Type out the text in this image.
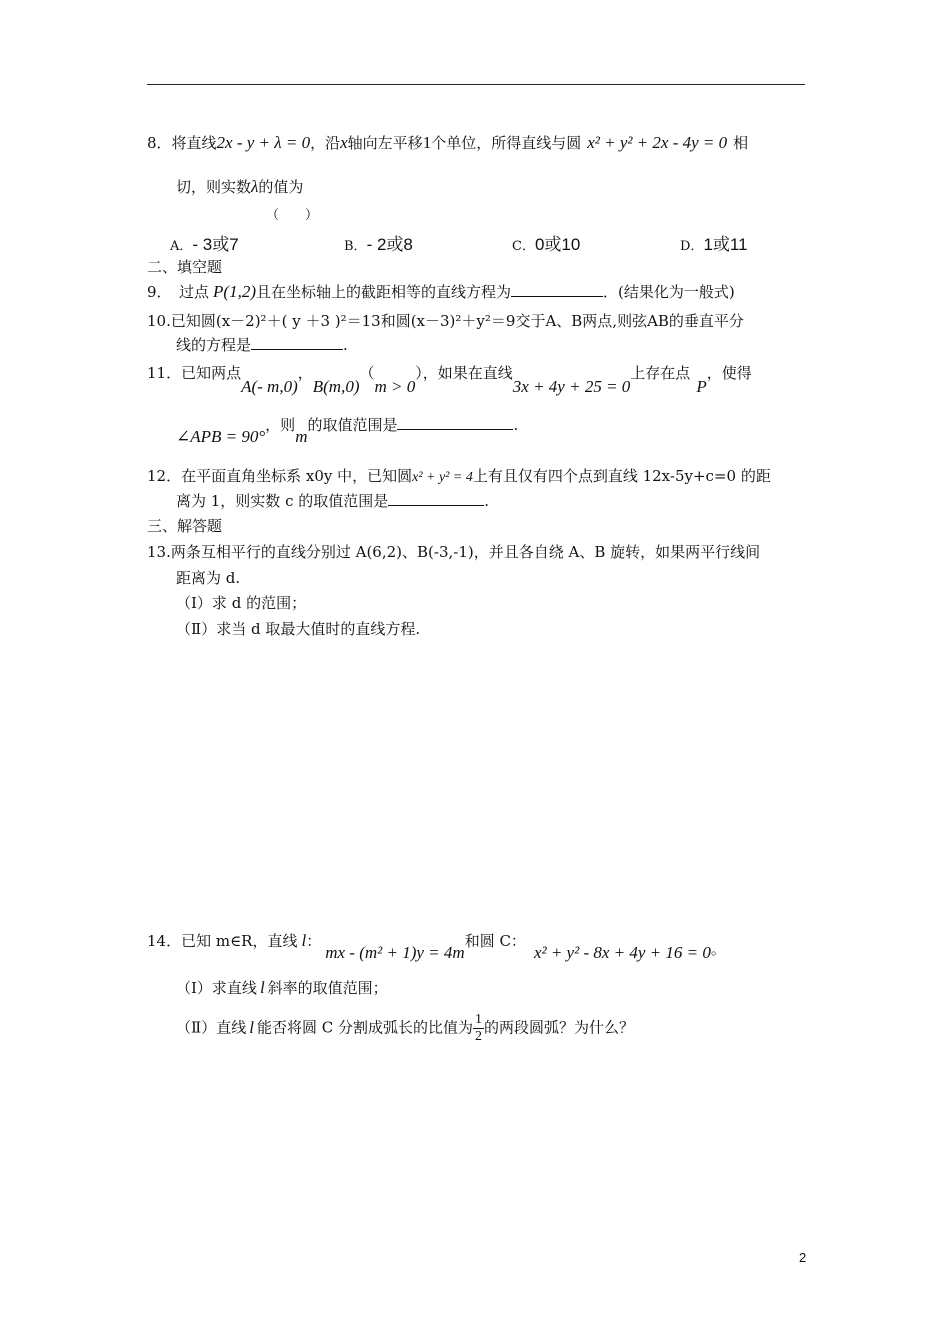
8．将直线2x - y + λ = 0，沿x轴向左平移1个单位，所得直线与圆 x² + y² + 2x - 4y = 0 相
切，则实数λ的值为
（　　）
A．- 3或7	B．- 2或8	C．0或10	D．1或11
二、填空题
9．　过点 P(1,2)且在坐标轴上的截距相等的直线方程为	．(结果化为一般式)
10.已知圆(x－2)²＋( y ＋3 )²＝13和圆(x－3)²＋y²＝9交于A、B两点,则弦AB的垂直平分
线的方程是	.
11．已知两点A(- m,0)，B(m,0)（m > 0），如果在直线3x + 4y + 25 = 0上存在点P，使得
∠APB = 90°，则m的取值范围是	.
12．在平面直角坐标系 x0y 中，已知圆x² + y² = 4上有且仅有四个点到直线 12x-5y+c=0 的距
离为 1，则实数 c 的取值范围是	.
三、解答题
13.两条互相平行的直线分别过 A(6,2)、B(-3,-1)，并且各自绕 A、B 旋转，如果两平行线间
距离为 d.
（Ⅰ）求 d 的范围；
（Ⅱ）求当 d 取最大值时的直线方程.
14．已知 m∈R，直线 l：mx - (m² + 1)y = 4m和圆 C：x² + y² - 8x + 4y + 16 = 0。
（Ⅰ）求直线 l 斜率的取值范围；
（Ⅱ）直线 l 能否将圆 C 分割成弧长的比值为 $\frac{1}{2}$ 的两段圆弧？为什么？
2
